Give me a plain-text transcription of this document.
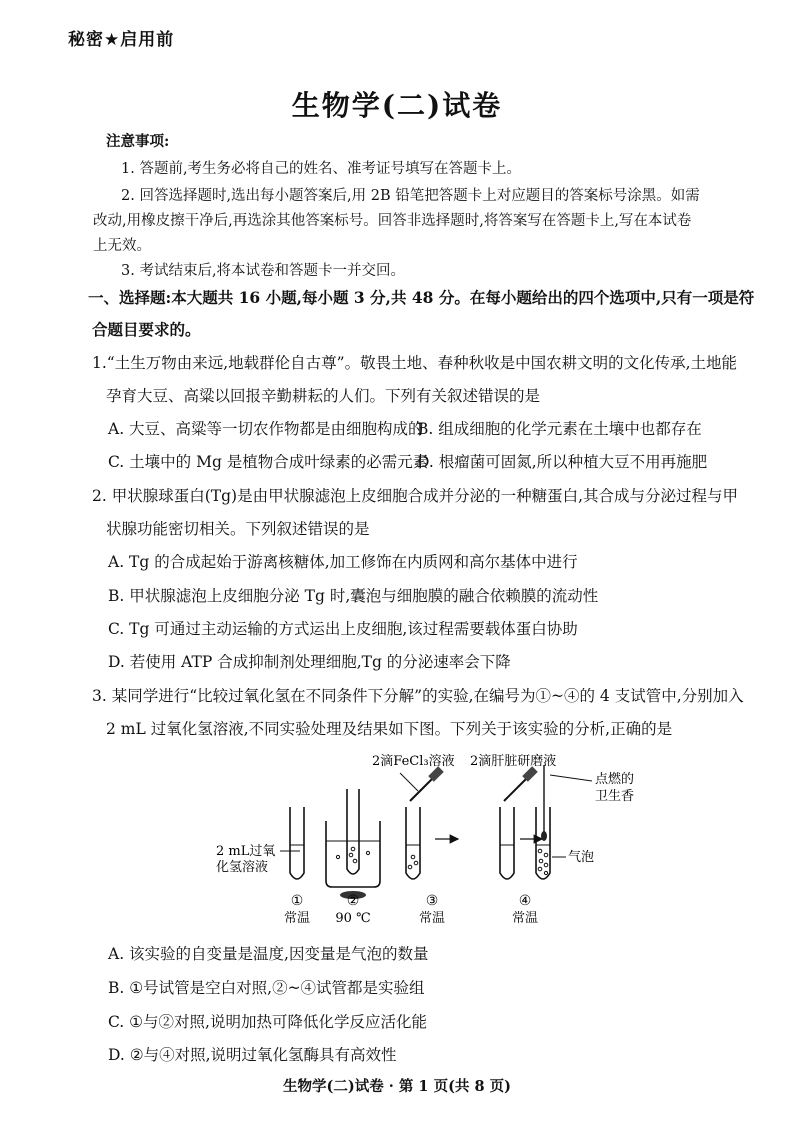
秘密★启用前
生物学(二)试卷
注意事项:
1. 答题前,考生务必将自己的姓名、准考证号填写在答题卡上。
2. 回答选择题时,选出每小题答案后,用 2B 铅笔把答题卡上对应题目的答案标号涂黑。如需
改动,用橡皮擦干净后,再选涂其他答案标号。回答非选择题时,将答案写在答题卡上,写在本试卷
上无效。
3. 考试结束后,将本试卷和答题卡一并交回。
一、选择题:本大题共 16 小题,每小题 3 分,共 48 分。在每小题给出的四个选项中,只有一项是符
合题目要求的。
1.“土生万物由来远,地载群伦自古尊”。敬畏土地、春种秋收是中国农耕文明的文化传承,土地能
孕育大豆、高粱以回报辛勤耕耘的人们。下列有关叙述错误的是
A. 大豆、高粱等一切农作物都是由细胞构成的
B. 组成细胞的化学元素在土壤中也都存在
C. 土壤中的 Mg 是植物合成叶绿素的必需元素
D. 根瘤菌可固氮,所以种植大豆不用再施肥
2. 甲状腺球蛋白(Tg)是由甲状腺滤泡上皮细胞合成并分泌的一种糖蛋白,其合成与分泌过程与甲
状腺功能密切相关。下列叙述错误的是
A. Tg 的合成起始于游离核糖体,加工修饰在内质网和高尔基体中进行
B. 甲状腺滤泡上皮细胞分泌 Tg 时,囊泡与细胞膜的融合依赖膜的流动性
C. Tg 可通过主动运输的方式运出上皮细胞,该过程需要载体蛋白协助
D. 若使用 ATP 合成抑制剂处理细胞,Tg 的分泌速率会下降
3. 某同学进行“比较过氧化氢在不同条件下分解”的实验,在编号为①~④的 4 支试管中,分别加入
2 mL 过氧化氢溶液,不同实验处理及结果如下图。下列关于该实验的分析,正确的是
2滴FeCl₃溶液 2滴肝脏研磨液
点燃的
卫生香
2 mL过氧
化氢溶液
气泡
①
常温
②
90 ℃
③
常温
④
常温
A. 该实验的自变量是温度,因变量是气泡的数量
B. ①号试管是空白对照,②~④试管都是实验组
C. ①与②对照,说明加热可降低化学反应活化能
D. ②与④对照,说明过氧化氢酶具有高效性
生物学(二)试卷 · 第 1 页(共 8 页)
